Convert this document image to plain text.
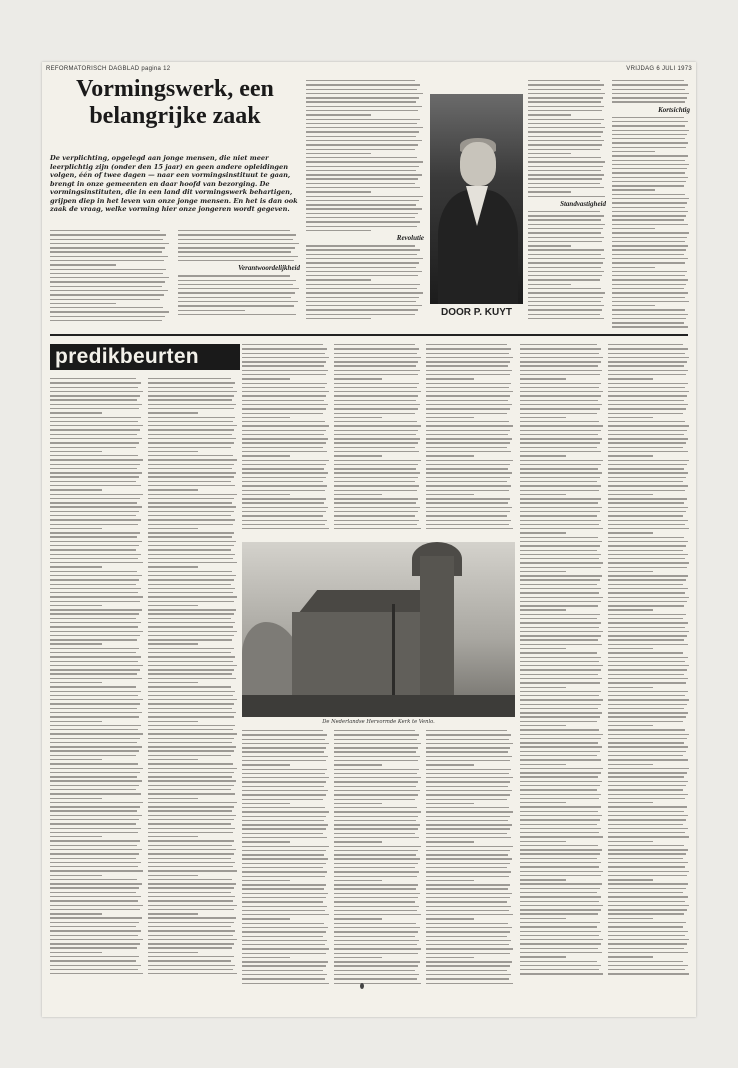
REFORMATORISCH DAGBLAD pagina 12	VRIJDAG 6 JULI 1973
Vormingswerk, een belangrijke zaak
De verplichting, opgelegd aan jonge mensen, die niet meer leerplichtig zijn (onder den 15 jaar) en geen andere opleidingen volgen, één of twee dagen — naar een vormingsinstituut te gaan, brengt in onze gemeenten en daar hoofd van bezorging. De vormingsinstituten, die in een land dit vormingswerk behartigen, grijpen diep in het leven van onze jonge mensen. En het is dan ook zaak de vraag, welke vorming hier onze jongeren wordt gegeven.
Verantwoordelijkheid
Revolutie
DOOR P. KUYT
Standvastigheid
Kortsichtig
predikbeurten
De Nederlandse Hervormde Kerk te Venlo.
